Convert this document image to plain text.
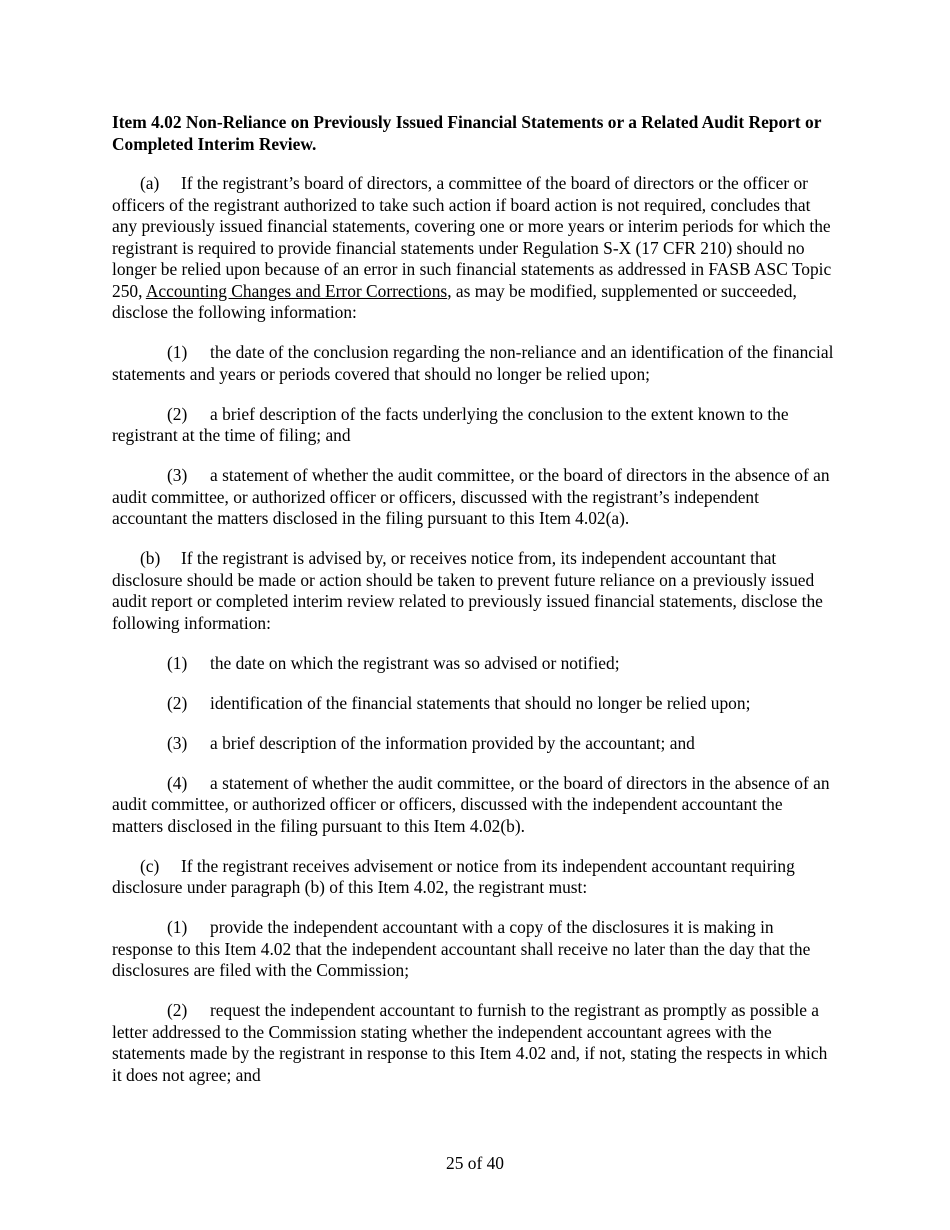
Item 4.02 Non-Reliance on Previously Issued Financial Statements or a Related Audit Report or Completed Interim Review.

(a) If the registrant’s board of directors, a committee of the board of directors or the officer or officers of the registrant authorized to take such action if board action is not required, concludes that any previously issued financial statements, covering one or more years or interim periods for which the registrant is required to provide financial statements under Regulation S-X (17 CFR 210) should no longer be relied upon because of an error in such financial statements as addressed in FASB ASC Topic 250, Accounting Changes and Error Corrections, as may be modified, supplemented or succeeded, disclose the following information:

(1) the date of the conclusion regarding the non-reliance and an identification of the financial statements and years or periods covered that should no longer be relied upon;

(2) a brief description of the facts underlying the conclusion to the extent known to the registrant at the time of filing; and

(3) a statement of whether the audit committee, or the board of directors in the absence of an audit committee, or authorized officer or officers, discussed with the registrant’s independent accountant the matters disclosed in the filing pursuant to this Item 4.02(a).

(b) If the registrant is advised by, or receives notice from, its independent accountant that disclosure should be made or action should be taken to prevent future reliance on a previously issued audit report or completed interim review related to previously issued financial statements, disclose the following information:

(1) the date on which the registrant was so advised or notified;

(2) identification of the financial statements that should no longer be relied upon;

(3) a brief description of the information provided by the accountant; and

(4) a statement of whether the audit committee, or the board of directors in the absence of an audit committee, or authorized officer or officers, discussed with the independent accountant the matters disclosed in the filing pursuant to this Item 4.02(b).

(c) If the registrant receives advisement or notice from its independent accountant requiring disclosure under paragraph (b) of this Item 4.02, the registrant must:

(1) provide the independent accountant with a copy of the disclosures it is making in response to this Item 4.02 that the independent accountant shall receive no later than the day that the disclosures are filed with the Commission;

(2) request the independent accountant to furnish to the registrant as promptly as possible a letter addressed to the Commission stating whether the independent accountant agrees with the statements made by the registrant in response to this Item 4.02 and, if not, stating the respects in which it does not agree; and

25 of 40
